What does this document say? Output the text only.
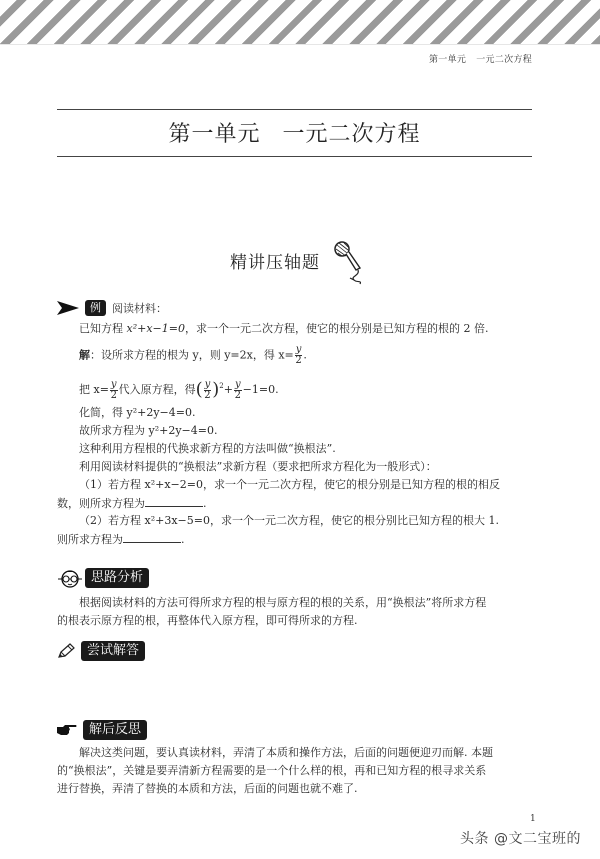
第一单元 一元二次方程
第一单元 一元二次方程
精讲压轴题
例	阅读材料：
已知方程 x²+x−1=0，求一个一元二次方程，使它的根分别是已知方程的根的 2 倍.
解：设所求方程的根为 y，则 y=2x，得 $x= \frac{y}{2}$ .
把 $x= \frac{y}{2}$ 代入原方程，得( $\frac{y}{2} )^2+ \frac{y}{2} -1=0$.
化简，得 y²+2y−4=0.
故所求方程为 y²+2y−4=0.
这种利用方程根的代换求新方程的方法叫做“换根法”.
利用阅读材料提供的“换根法”求新方程（要求把所求方程化为一般形式）：
（1）若方程 x²+x−2=0，求一个一元二次方程，使它的根分别是已知方程的根的相反
数，则所求方程为	.
（2）若方程 x²+3x−5=0，求一个一元二次方程，使它的根分别比已知方程的根大 1.
则所求方程为	.
思路分析
根据阅读材料的方法可得所求方程的根与原方程的根的关系，用“换根法”将所求方程
的根表示原方程的根，再整体代入原方程，即可得所求的方程.
尝试解答
解后反思
解决这类问题，要认真读材料，弄清了本质和操作方法，后面的问题便迎刃而解. 本题
的“换根法”，关键是要弄清新方程需要的是一个什么样的根，再和已知方程的根寻求关系
进行替换，弄清了替换的本质和方法，后面的问题也就不难了.
1
头条 @文二宝班的
